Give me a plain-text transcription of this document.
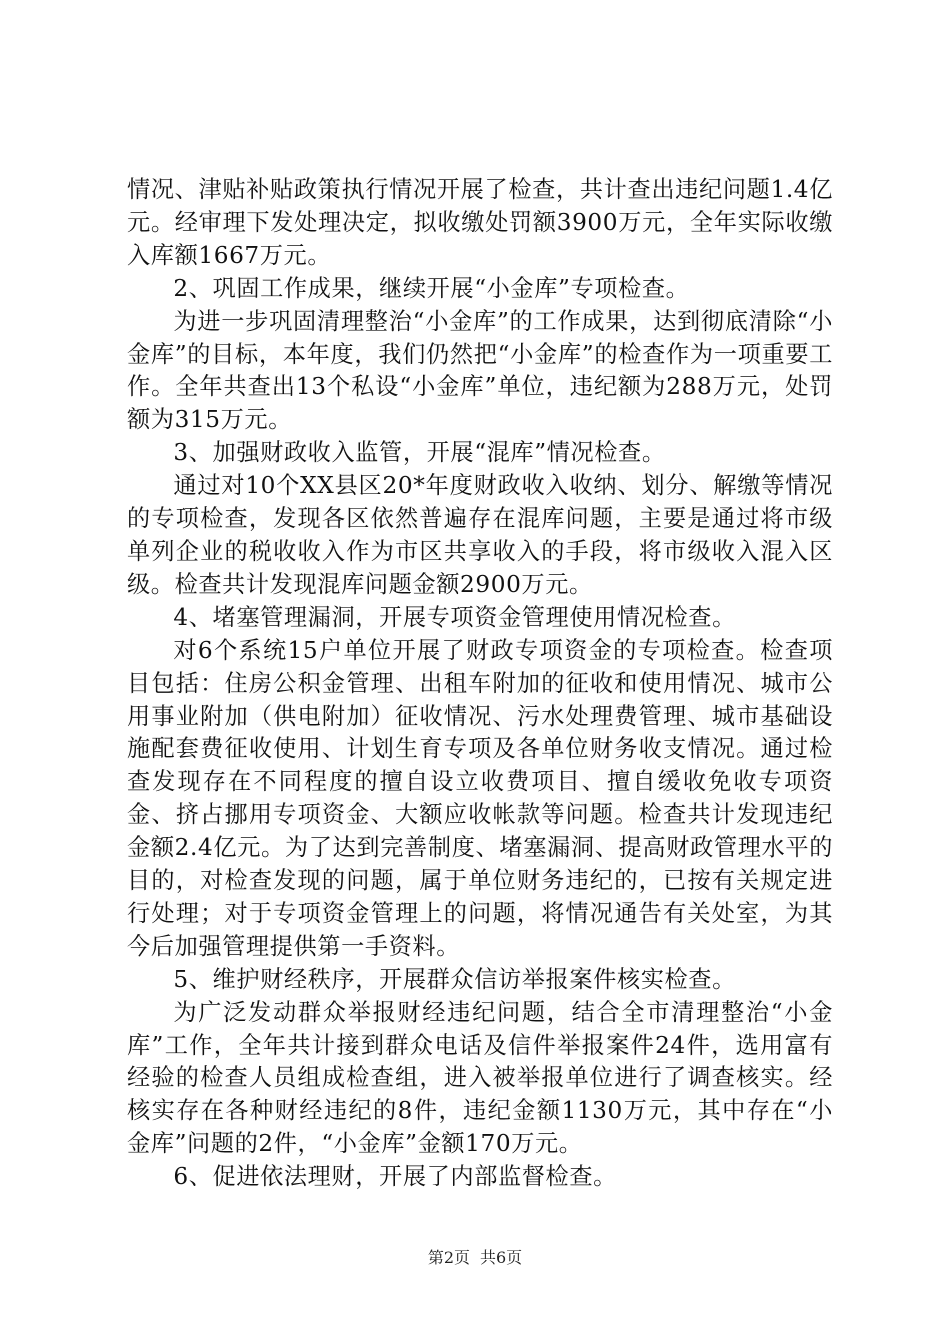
情况、津贴补贴政策执行情况开展了检查，共计查出违纪问题1.4亿元。经审理下发处理决定，拟收缴处罚额3900万元，全年实际收缴入库额1667万元。

2、巩固工作成果，继续开展“小金库”专项检查。

为进一步巩固清理整治“小金库”的工作成果，达到彻底清除“小金库”的目标，本年度，我们仍然把“小金库”的检查作为一项重要工作。全年共查出13个私设“小金库”单位，违纪额为288万元，处罚额为315万元。

3、加强财政收入监管，开展“混库”情况检查。

通过对10个XX县区20*年度财政收入收纳、划分、解缴等情况的专项检查，发现各区依然普遍存在混库问题，主要是通过将市级单列企业的税收收入作为市区共享收入的手段，将市级收入混入区级。检查共计发现混库问题金额2900万元。

4、堵塞管理漏洞，开展专项资金管理使用情况检查。

对6个系统15户单位开展了财政专项资金的专项检查。检查项目包括：住房公积金管理、出租车附加的征收和使用情况、城市公用事业附加（供电附加）征收情况、污水处理费管理、城市基础设施配套费征收使用、计划生育专项及各单位财务收支情况。通过检查发现存在不同程度的擅自设立收费项目、擅自缓收免收专项资金、挤占挪用专项资金、大额应收帐款等问题。检查共计发现违纪金额2.4亿元。为了达到完善制度、堵塞漏洞、提高财政管理水平的目的，对检查发现的问题，属于单位财务违纪的，已按有关规定进行处理；对于专项资金管理上的问题，将情况通告有关处室，为其今后加强管理提供第一手资料。

5、维护财经秩序，开展群众信访举报案件核实检查。

为广泛发动群众举报财经违纪问题，结合全市清理整治“小金库”工作，全年共计接到群众电话及信件举报案件24件，选用富有经验的检查人员组成检查组，进入被举报单位进行了调查核实。经核实存在各种财经违纪的8件，违纪金额1130万元，其中存在“小金库”问题的2件，“小金库”金额170万元。

6、促进依法理财，开展了内部监督检查。

第2页 共6页
